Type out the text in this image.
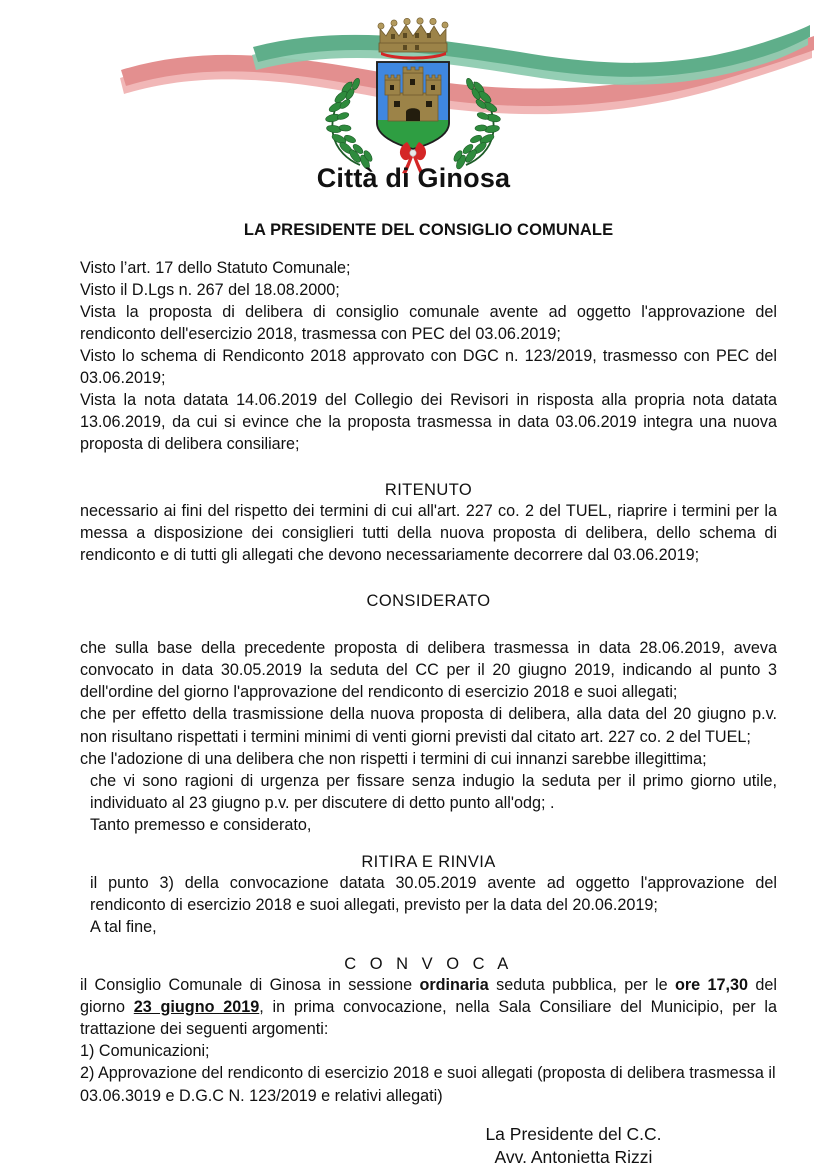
Città di Ginosa
LA PRESIDENTE DEL CONSIGLIO COMUNALE

Visto l’art. 17 dello Statuto Comunale;

Visto il D.Lgs n. 267 del 18.08.2000;

Vista la proposta di delibera di consiglio comunale avente ad oggetto l'approvazione del rendiconto dell'esercizio 2018, trasmessa con PEC del 03.06.2019;

Visto lo schema di Rendiconto 2018 approvato con DGC n. 123/2019, trasmesso con PEC del 03.06.2019;

Vista la nota datata 14.06.2019 del Collegio dei Revisori in risposta alla propria nota datata 13.06.2019, da cui si evince che la proposta trasmessa in data 03.06.2019 integra una nuova proposta di delibera consiliare;

RITENUTO

necessario ai fini del rispetto dei termini di cui all'art. 227 co. 2 del TUEL, riaprire i termini per la messa a disposizione dei consiglieri tutti della nuova proposta di delibera, dello schema di rendiconto e di tutti gli allegati che devono necessariamente decorrere dal 03.06.2019;

CONSIDERATO

che sulla base della precedente proposta di delibera trasmessa in data 28.06.2019, aveva convocato in data 30.05.2019 la seduta del CC per il 20 giugno 2019, indicando al punto 3 dell'ordine del giorno l'approvazione del rendiconto di esercizio 2018 e suoi allegati;

che per effetto della trasmissione della nuova proposta di delibera, alla data del 20 giugno p.v. non risultano rispettati i termini minimi di venti giorni previsti dal citato art. 227 co. 2 del TUEL;

che l'adozione di una delibera che non rispetti i termini di cui innanzi sarebbe illegittima;

che vi sono ragioni di urgenza per fissare senza indugio la seduta per il primo giorno utile, individuato al 23 giugno p.v. per discutere di detto punto all'odg; .

Tanto premesso e considerato,

RITIRA E RINVIA

il punto 3) della convocazione datata 30.05.2019 avente ad oggetto l'approvazione del rendiconto di esercizio 2018 e suoi allegati, previsto per la data del 20.06.2019;

A tal fine,

C O N V O C A

il Consiglio Comunale di Ginosa in sessione ordinaria seduta pubblica, per le ore 17,30 del giorno 23 giugno 2019, in prima convocazione, nella Sala Consiliare del Municipio, per la trattazione dei seguenti argomenti:

1) Comunicazioni;
2) Approvazione del rendiconto di esercizio 2018 e suoi allegati (proposta di delibera trasmessa il 03.06.3019 e D.G.C N. 123/2019 e relativi allegati)
La Presidente del C.C.
Avv. Antonietta Rizzi
